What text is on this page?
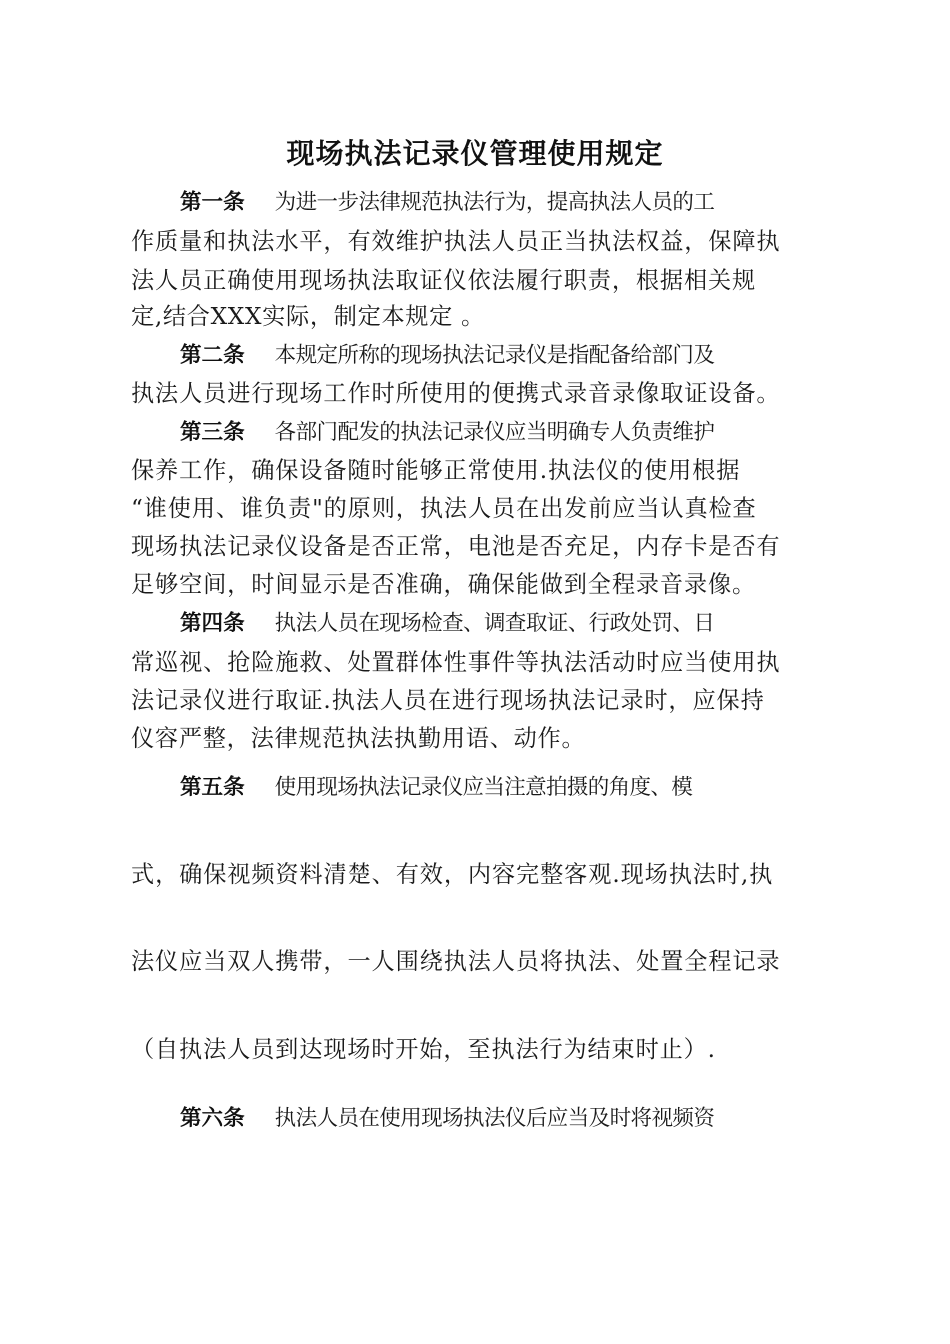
现场执法记录仪管理使用规定
第一条 为进一步法律规范执法行为，提高执法人员的工
作质量和执法水平，有效维护执法人员正当执法权益，保障执
法人员正确使用现场执法取证仪依法履行职责，根据相关规
定,结合XXX实际，制定本规定 。
第二条 本规定所称的现场执法记录仪是指配备给部门及
执法人员进行现场工作时所使用的便携式录音录像取证设备。
第三条 各部门配发的执法记录仪应当明确专人负责维护
保养工作，确保设备随时能够正常使用.执法仪的使用根据
“谁使用、谁负责"的原则，执法人员在出发前应当认真检查
现场执法记录仪设备是否正常，电池是否充足，内存卡是否有
足够空间，时间显示是否准确，确保能做到全程录音录像。
第四条 执法人员在现场检查、调查取证、行政处罚、日
常巡视、抢险施救、处置群体性事件等执法活动时应当使用执
法记录仪进行取证.执法人员在进行现场执法记录时，应保持
仪容严整，法律规范执法执勤用语、动作。
第五条 使用现场执法记录仪应当注意拍摄的角度、模
式，确保视频资料清楚、有效，内容完整客观.现场执法时,执
法仪应当双人携带，一人围绕执法人员将执法、处置全程记录
（自执法人员到达现场时开始，至执法行为结束时止）.
第六条 执法人员在使用现场执法仪后应当及时将视频资
